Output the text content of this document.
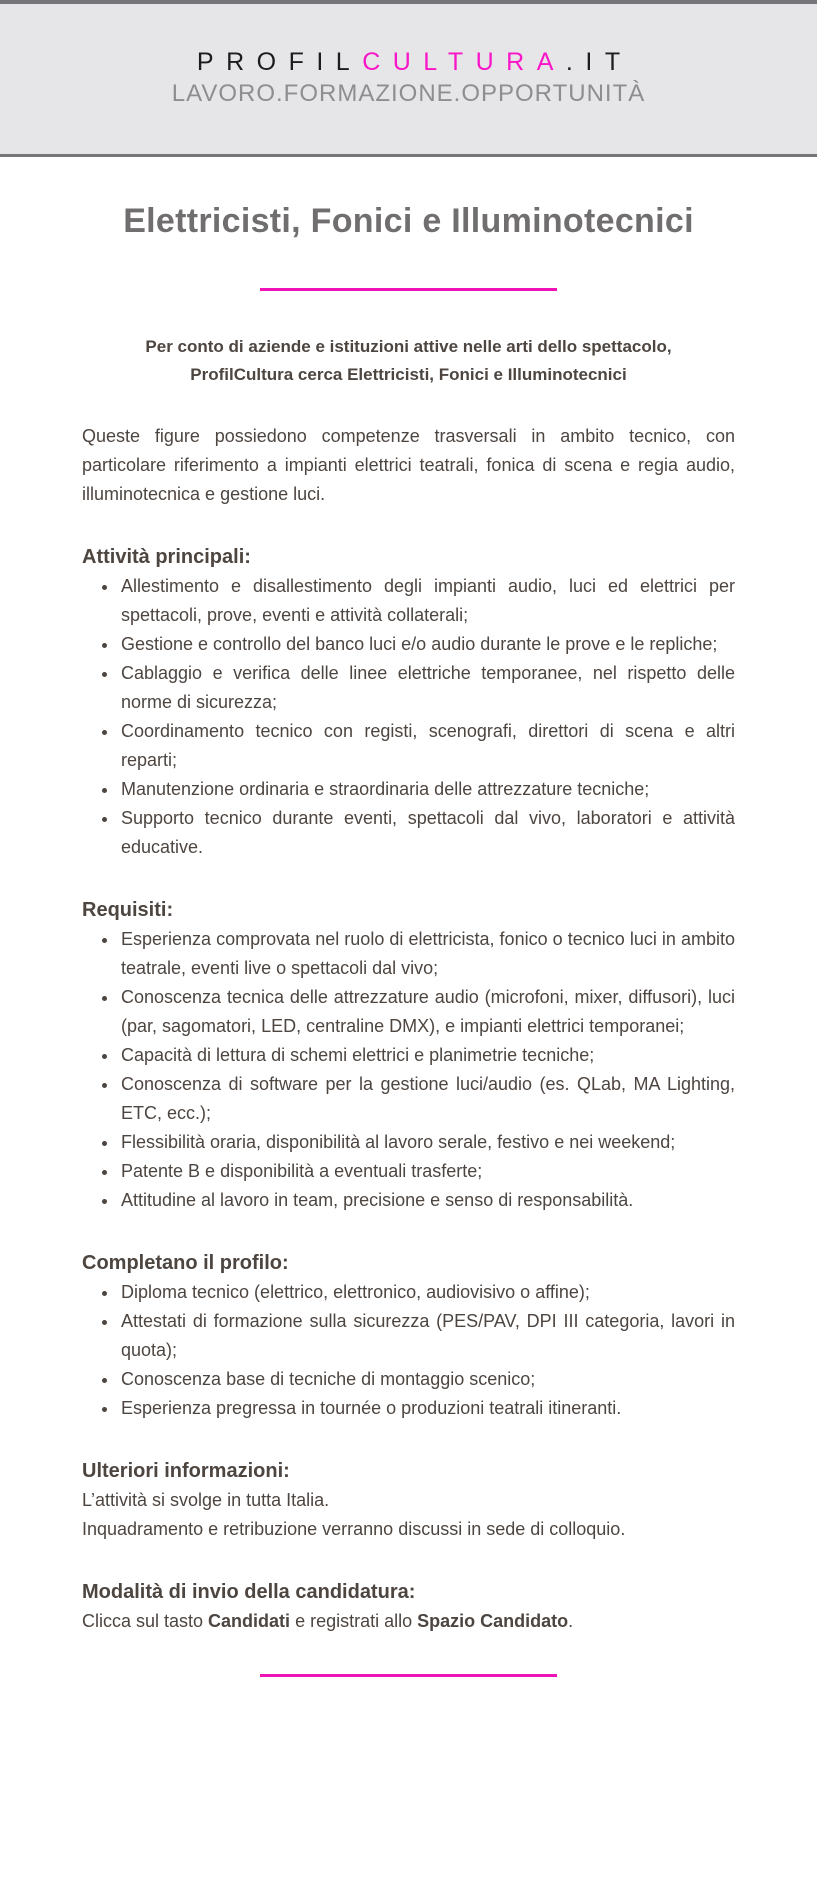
PROFILCULTURA.IT
LAVORO.FORMAZIONE.OPPORTUNITÀ
Elettricisti, Fonici e Illuminotecnici

Per conto di aziende e istituzioni attive nelle arti dello spettacolo,
ProfilCultura cerca Elettricisti, Fonici e Illuminotecnici

Queste figure possiedono competenze trasversali in ambito tecnico, con particolare riferimento a impianti elettrici teatrali, fonica di scena e regia audio, illuminotecnica e gestione luci.

Attività principali:
• Allestimento e disallestimento degli impianti audio, luci ed elettrici per spettacoli, prove, eventi e attività collaterali;
• Gestione e controllo del banco luci e/o audio durante le prove e le repliche;
• Cablaggio e verifica delle linee elettriche temporanee, nel rispetto delle norme di sicurezza;
• Coordinamento tecnico con registi, scenografi, direttori di scena e altri reparti;
• Manutenzione ordinaria e straordinaria delle attrezzature tecniche;
• Supporto tecnico durante eventi, spettacoli dal vivo, laboratori e attività educative.
Requisiti:
• Esperienza comprovata nel ruolo di elettricista, fonico o tecnico luci in ambito teatrale, eventi live o spettacoli dal vivo;
• Conoscenza tecnica delle attrezzature audio (microfoni, mixer, diffusori), luci (par, sagomatori, LED, centraline DMX), e impianti elettrici temporanei;
• Capacità di lettura di schemi elettrici e planimetrie tecniche;
• Conoscenza di software per la gestione luci/audio (es. QLab, MA Lighting, ETC, ecc.);
• Flessibilità oraria, disponibilità al lavoro serale, festivo e nei weekend;
• Patente B e disponibilità a eventuali trasferte;
• Attitudine al lavoro in team, precisione e senso di responsabilità.
Completano il profilo:
• Diploma tecnico (elettrico, elettronico, audiovisivo o affine);
• Attestati di formazione sulla sicurezza (PES/PAV, DPI III categoria, lavori in quota);
• Conoscenza base di tecniche di montaggio scenico;
• Esperienza pregressa in tournée o produzioni teatrali itineranti.
Ulteriori informazioni:

L’attività si svolge in tutta Italia.

Inquadramento e retribuzione verranno discussi in sede di colloquio.

Modalità di invio della candidatura:

Clicca sul tasto Candidati e registrati allo Spazio Candidato.
